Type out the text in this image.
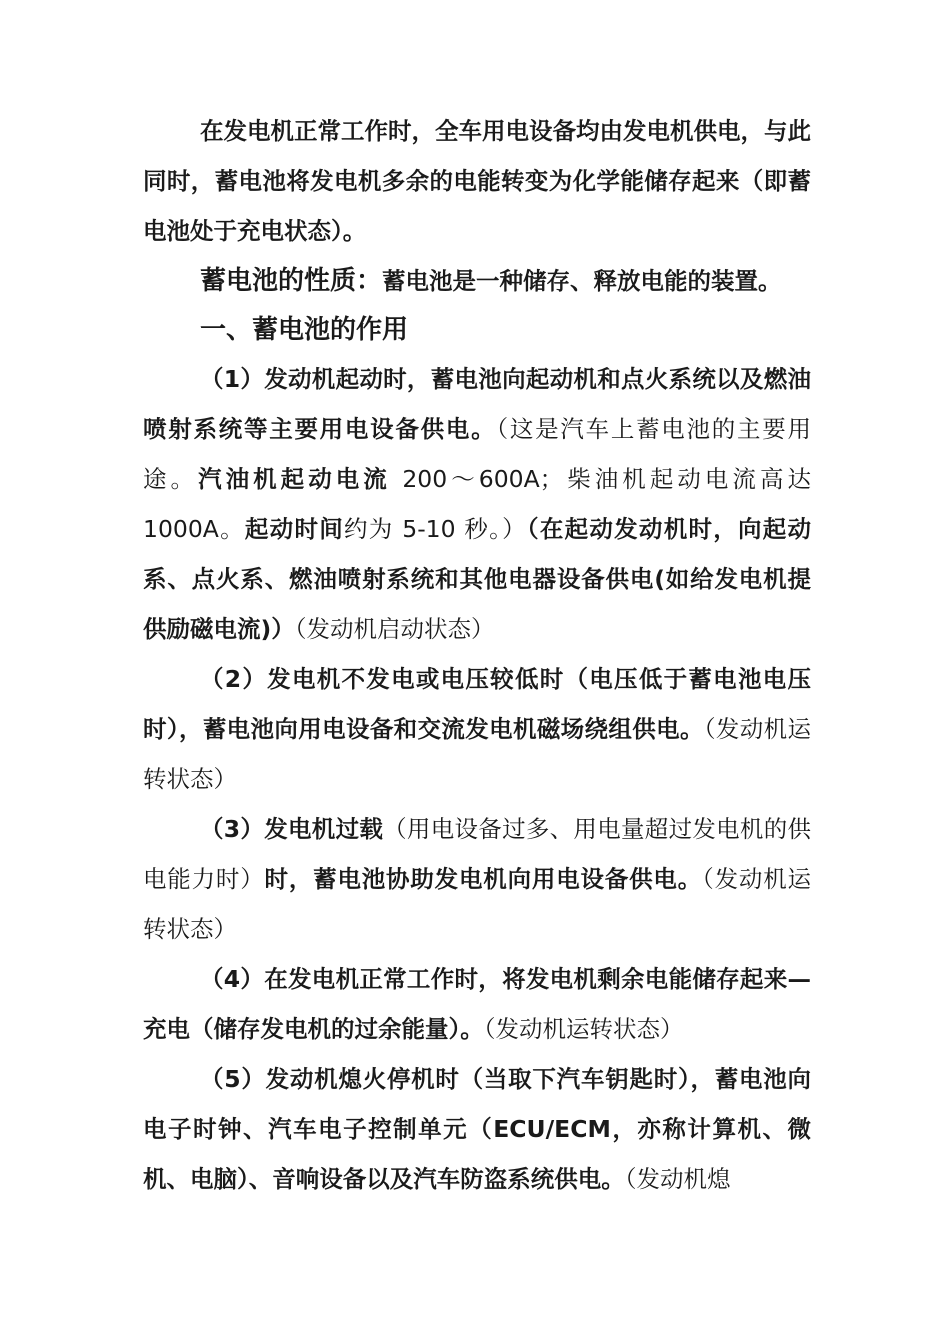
在发电机正常工作时，全车用电设备均由发电机供电，与此同时，蓄电池将发电机多余的电能转变为化学能储存起来（即蓄电池处于充电状态）。

蓄电池的性质：蓄电池是一种储存、释放电能的装置。

一、蓄电池的作用

（1）发动机起动时，蓄电池向起动机和点火系统以及燃油喷射系统等主要用电设备供电。（这是汽车上蓄电池的主要用途。汽油机起动电流 200～600A；柴油机起动电流高达 1000A。起动时间约为 5-10 秒。）（在起动发动机时，向起动系、点火系、燃油喷射系统和其他电器设备供电(如给发电机提供励磁电流)）（发动机启动状态）

（2）发电机不发电或电压较低时（电压低于蓄电池电压时），蓄电池向用电设备和交流发电机磁场绕组供电。（发动机运转状态）

（3）发电机过载（用电设备过多、用电量超过发电机的供电能力时）时，蓄电池协助发电机向用电设备供电。（发动机运转状态）

（4）在发电机正常工作时，将发电机剩余电能储存起来—充电（储存发电机的过余能量）。（发动机运转状态）

（5）发动机熄火停机时（当取下汽车钥匙时），蓄电池向电子时钟、汽车电子控制单元（ECU/ECM，亦称计算机、微机、电脑）、音响设备以及汽车防盗系统供电。（发动机熄
